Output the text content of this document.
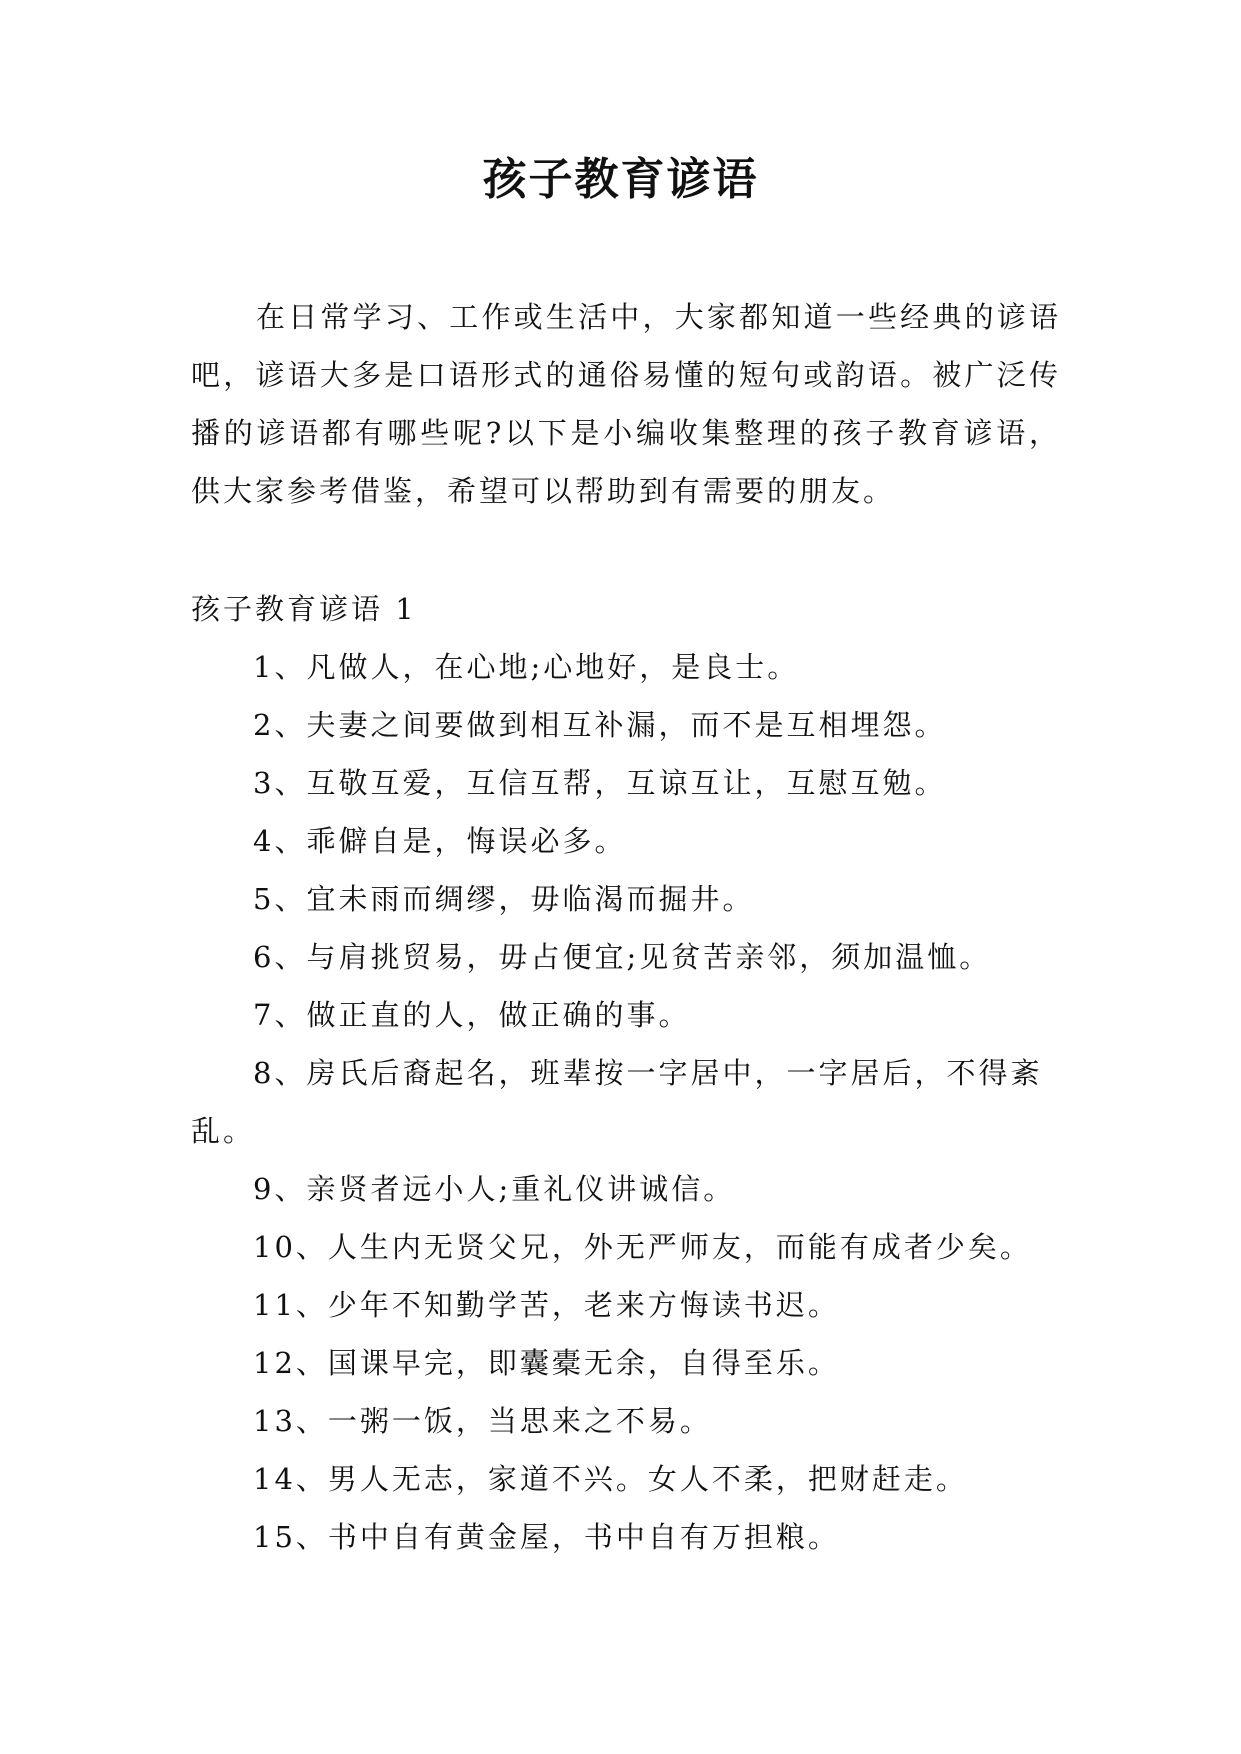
孩子教育谚语

在日常学习、工作或生活中，大家都知道一些经典的谚语吧，谚语大多是口语形式的通俗易懂的短句或韵语。被广泛传播的谚语都有哪些呢?以下是小编收集整理的孩子教育谚语，供大家参考借鉴，希望可以帮助到有需要的朋友。

孩子教育谚语 1
1、凡做人，在心地;心地好，是良士。
2、夫妻之间要做到相互补漏，而不是互相埋怨。
3、互敬互爱，互信互帮，互谅互让，互慰互勉。
4、乖僻自是，悔误必多。
5、宜未雨而绸缪，毋临渴而掘井。
6、与肩挑贸易，毋占便宜;见贫苦亲邻，须加温恤。
7、做正直的人，做正确的事。
8、房氏后裔起名，班辈按一字居中，一字居后，不得紊乱。
9、亲贤者远小人;重礼仪讲诚信。
10、人生内无贤父兄，外无严师友，而能有成者少矣。
11、少年不知勤学苦，老来方悔读书迟。
12、国课早完，即囊橐无余，自得至乐。
13、一粥一饭，当思来之不易。
14、男人无志，家道不兴。女人不柔，把财赶走。
15、书中自有黄金屋，书中自有万担粮。
